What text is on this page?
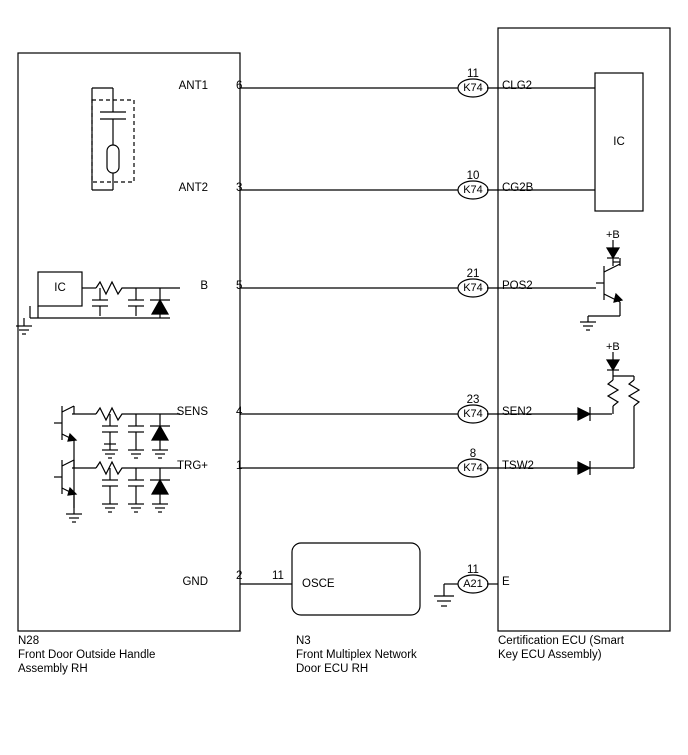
+B
+B
ANT1 6
11
K74	CLG2
ANT2 3
10
K74	CG2B
B 5
21
K74	POS2
SENS 4
23
K74	SEN2
TRG+ 1
8
K74	TSW2
GND 2	11	11
A21	E
IC
IC
OSCE
N28
Front Door Outside Handle
Assembly RH
N3
Front Multiplex Network
Door ECU RH
Certification ECU (Smart
Key ECU Assembly)
